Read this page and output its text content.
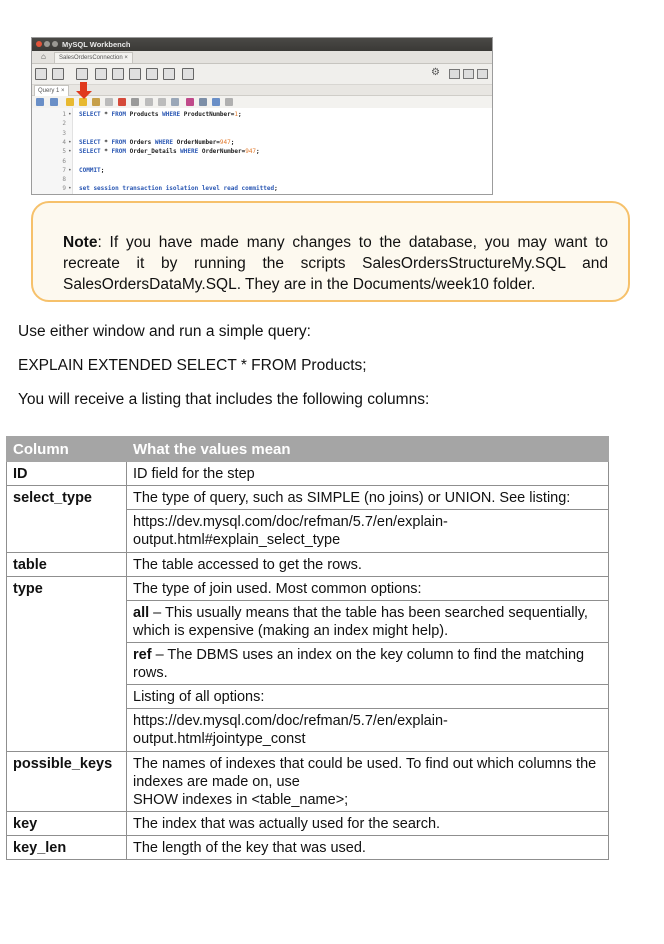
MySQL Workbench
⌂	SalesOrdersConnection ×
⚙
Query 1 ×
1 • SELECT * FROM Products WHERE ProductNumber=1;
2
3
4 • SELECT * FROM Orders WHERE OrderNumber=947;
5 • SELECT * FROM Order_Details WHERE OrderNumber=947;
6
7 • COMMIT;
8
9 • set session transaction isolation level read committed;
Note: If you have made many changes to the database, you may want to recreate it by running the scripts SalesOrdersStructureMy.SQL and SalesOrdersDataMy.SQL. They are in the Documents/week10 folder.
Use either window and run a simple query:
EXPLAIN EXTENDED SELECT * FROM Products;
You will receive a listing that includes the following columns:
Column	What the values mean
ID	ID field for the step
select_type	The type of query, such as SIMPLE (no joins) or UNION. See listing:
	https://dev.mysql.com/doc/refman/5.7/en/explain-output.html#explain_select_type
table	The table accessed to get the rows.
type	The type of join used. Most common options:
	all – This usually means that the table has been searched sequentially, which is expensive (making an index might help).
	ref – The DBMS uses an index on the key column to find the matching rows.
	Listing of all options:
	https://dev.mysql.com/doc/refman/5.7/en/explain-output.html#jointype_const
possible_keys	The names of indexes that could be used. To find out which columns the indexes are made on, use
SHOW indexes in <table_name>;
key	The index that was actually used for the search.
key_len	The length of the key that was used.
